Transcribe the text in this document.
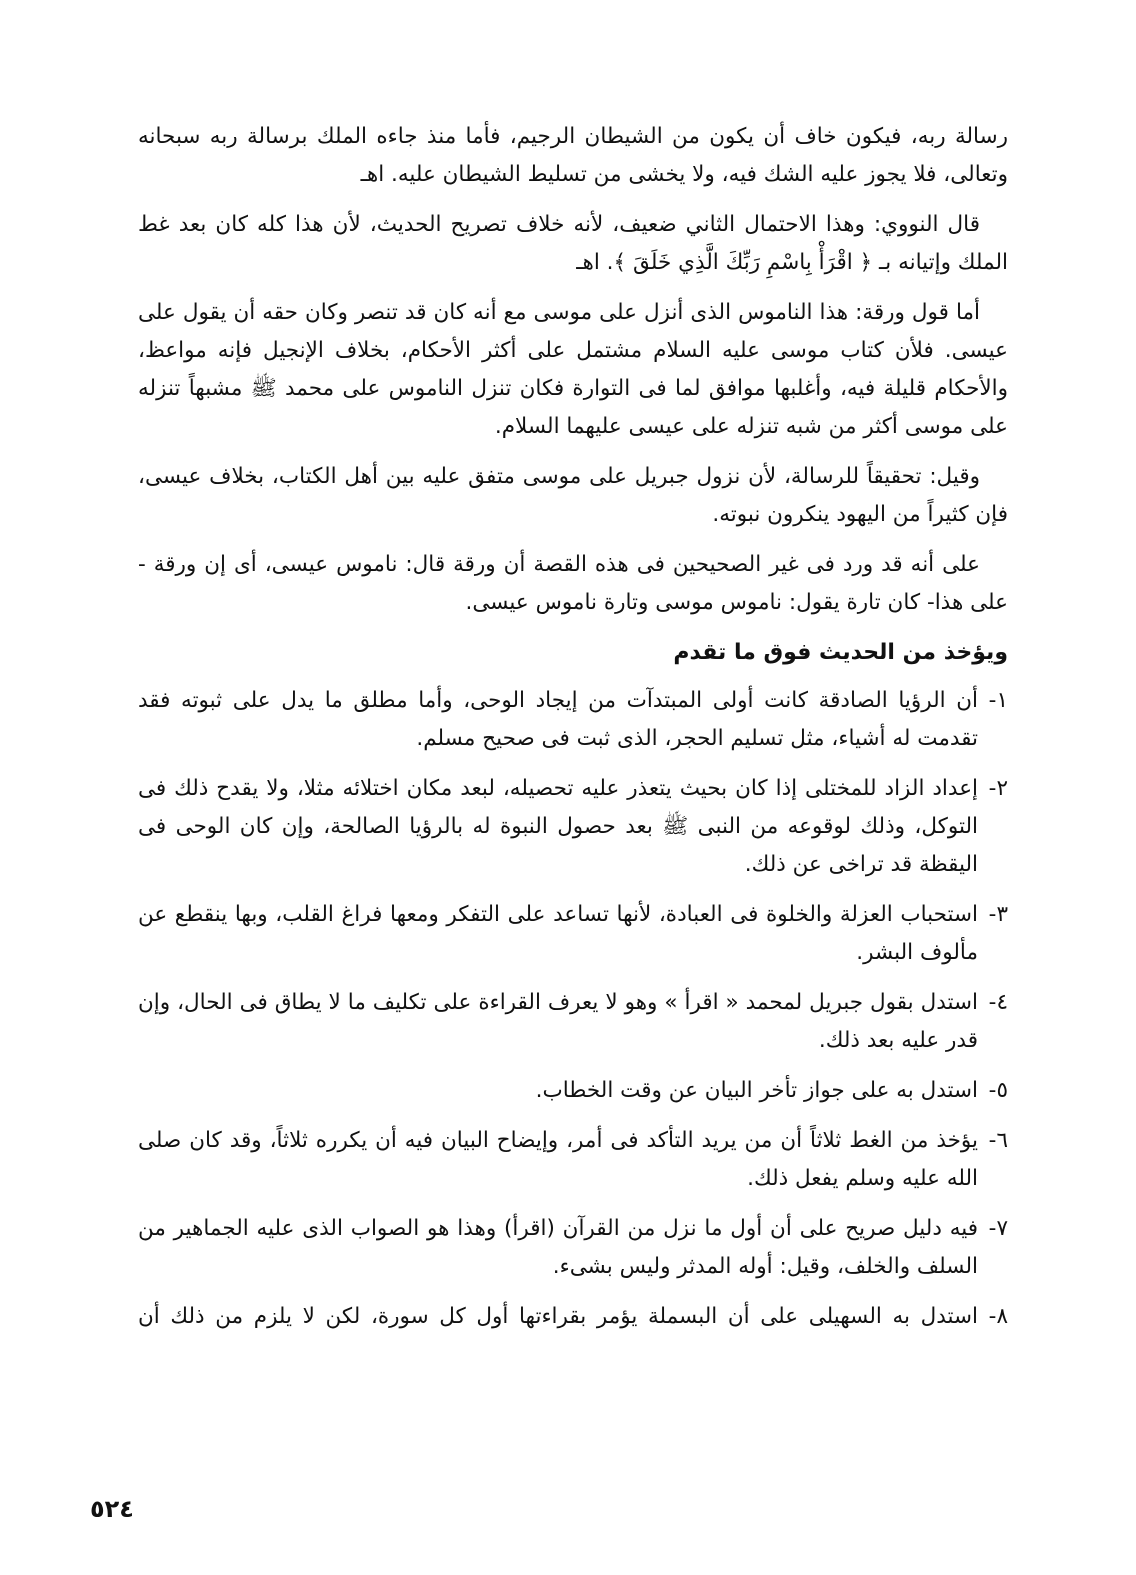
رسالة ربه، فيكون خاف أن يكون من الشيطان الرجيم، فأما منذ جاءه الملك برسالة ربه سبحانه وتعالى، فلا يجوز عليه الشك فيه، ولا يخشى من تسليط الشيطان عليه. اهـ

قال النووي: وهذا الاحتمال الثاني ضعيف، لأنه خلاف تصريح الحديث، لأن هذا كله كان بعد غط الملك وإتيانه بـ ﴿ اقْرَأْ بِاسْمِ رَبِّكَ الَّذِي خَلَقَ ﴾. اهـ

أما قول ورقة: هذا الناموس الذى أنزل على موسى مع أنه كان قد تنصر وكان حقه أن يقول على عيسى. فلأن كتاب موسى عليه السلام مشتمل على أكثر الأحكام، بخلاف الإنجيل فإنه مواعظ، والأحكام قليلة فيه، وأغلبها موافق لما فى التوارة فكان تنزل الناموس على محمد ﷺ مشبهاً تنزله على موسى أكثر من شبه تنزله على عيسى عليهما السلام.

وقيل: تحقيقاً للرسالة، لأن نزول جبريل على موسى متفق عليه بين أهل الكتاب، بخلاف عيسى، فإن كثيراً من اليهود ينكرون نبوته.

على أنه قد ورد فى غير الصحيحين فى هذه القصة أن ورقة قال: ناموس عيسى، أى إن ورقة - على هذا- كان تارة يقول: ناموس موسى وتارة ناموس عيسى.

ويؤخذ من الحديث فوق ما تقدم
١-

أن الرؤيا الصادقة كانت أولى المبتدآت من إيجاد الوحى، وأما مطلق ما يدل على ثبوته فقد تقدمت له أشياء، مثل تسليم الحجر، الذى ثبت فى صحيح مسلم.

٢-

إعداد الزاد للمختلى إذا كان بحيث يتعذر عليه تحصيله، لبعد مكان اختلائه مثلا، ولا يقدح ذلك فى التوكل، وذلك لوقوعه من النبى ﷺ بعد حصول النبوة له بالرؤيا الصالحة، وإن كان الوحى فى اليقظة قد تراخى عن ذلك.

٣-

استحباب العزلة والخلوة فى العبادة، لأنها تساعد على التفكر ومعها فراغ القلب، وبها ينقطع عن مألوف البشر.

٤-

استدل بقول جبريل لمحمد « اقرأ » وهو لا يعرف القراءة على تكليف ما لا يطاق فى الحال، وإن قدر عليه بعد ذلك.

٥-

استدل به على جواز تأخر البيان عن وقت الخطاب.

٦-

يؤخذ من الغط ثلاثاً أن من يريد التأكد فى أمر، وإيضاح البيان فيه أن يكرره ثلاثاً، وقد كان صلى الله عليه وسلم يفعل ذلك.

٧-

فيه دليل صريح على أن أول ما نزل من القرآن (اقرأ) وهذا هو الصواب الذى عليه الجماهير من السلف والخلف، وقيل: أوله المدثر وليس بشىء.

٨-

استدل به السهيلى على أن البسملة يؤمر بقراءتها أول كل سورة، لكن لا يلزم من ذلك أن

٥٢٤
